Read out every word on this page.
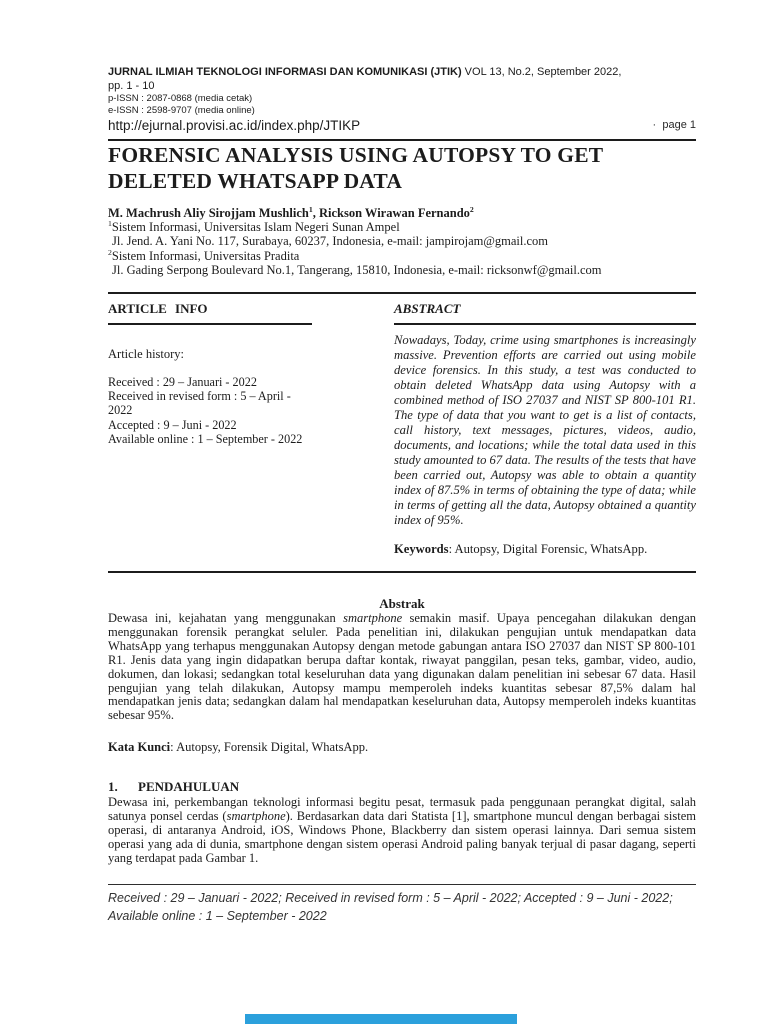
JURNAL ILMIAH TEKNOLOGI INFORMASI DAN KOMUNIKASI (JTIK) VOL 13, No.2, September 2022,
pp. 1 - 10
p-ISSN : 2087-0868 (media cetak)
e-ISSN : 2598-9707 (media online)
http://ejurnal.provisi.ac.id/index.php/JTIKP	· page 1
FORENSIC ANALYSIS USING AUTOPSY TO GET
DELETED WHATSAPP DATA
M. Machrush Aliy Sirojjam Mushlich$^1$, Rickson Wirawan Fernando$^2$
$^1$Sistem Informasi, Universitas Islam Negeri Sunan Ampel
Jl. Jend. A. Yani No. 117, Surabaya, 60237, Indonesia, e-mail: jampirojam@gmail.com
$^2$Sistem Informasi, Universitas Pradita
Jl. Gading Serpong Boulevard No.1, Tangerang, 15810, Indonesia, e-mail: ricksonwf@gmail.com
ARTICLE INFO
Article history:
Received : 29 – Januari - 2022
Received in revised form : 5 – April - 2022
Accepted : 9 – Juni - 2022
Available online : 1 – September - 2022
ABSTRACT
Nowadays, Today, crime using smartphones is increasingly massive. Prevention efforts are carried out using mobile device forensics. In this study, a test was conducted to obtain deleted WhatsApp data using Autopsy with a combined method of ISO 27037 and NIST SP 800-101 R1. The type of data that you want to get is a list of contacts, call history, text messages, pictures, videos, audio, documents, and locations; while the total data used in this study amounted to 67 data. The results of the tests that have been carried out, Autopsy was able to obtain a quantity index of 87.5% in terms of obtaining the type of data; while in terms of getting all the data, Autopsy obtained a quantity index of 95%.
Keywords: Autopsy, Digital Forensic, WhatsApp.
Abstrak
Dewasa ini, kejahatan yang menggunakan smartphone semakin masif. Upaya pencegahan dilakukan dengan menggunakan forensik perangkat seluler. Pada penelitian ini, dilakukan pengujian untuk mendapatkan data WhatsApp yang terhapus menggunakan Autopsy dengan metode gabungan antara ISO 27037 dan NIST SP 800-101 R1. Jenis data yang ingin didapatkan berupa daftar kontak, riwayat panggilan, pesan teks, gambar, video, audio, dokumen, dan lokasi; sedangkan total keseluruhan data yang digunakan dalam penelitian ini sebesar 67 data. Hasil pengujian yang telah dilakukan, Autopsy mampu memperoleh indeks kuantitas sebesar 87,5% dalam hal mendapatkan jenis data; sedangkan dalam hal mendapatkan keseluruhan data, Autopsy memperoleh indeks kuantitas sebesar 95%.
Kata Kunci: Autopsy, Forensik Digital, WhatsApp.
1. PENDAHULUAN
Dewasa ini, perkembangan teknologi informasi begitu pesat, termasuk pada penggunaan perangkat digital, salah satunya ponsel cerdas (smartphone). Berdasarkan data dari Statista [1], smartphone muncul dengan berbagai sistem operasi, di antaranya Android, iOS, Windows Phone, Blackberry dan sistem operasi lainnya. Dari semua sistem operasi yang ada di dunia, smartphone dengan sistem operasi Android paling banyak terjual di pasar dagang, seperti yang terdapat pada Gambar 1.
Received : 29 – Januari - 2022; Received in revised form : 5 – April - 2022; Accepted : 9 – Juni - 2022; Available online : 1 – September - 2022
